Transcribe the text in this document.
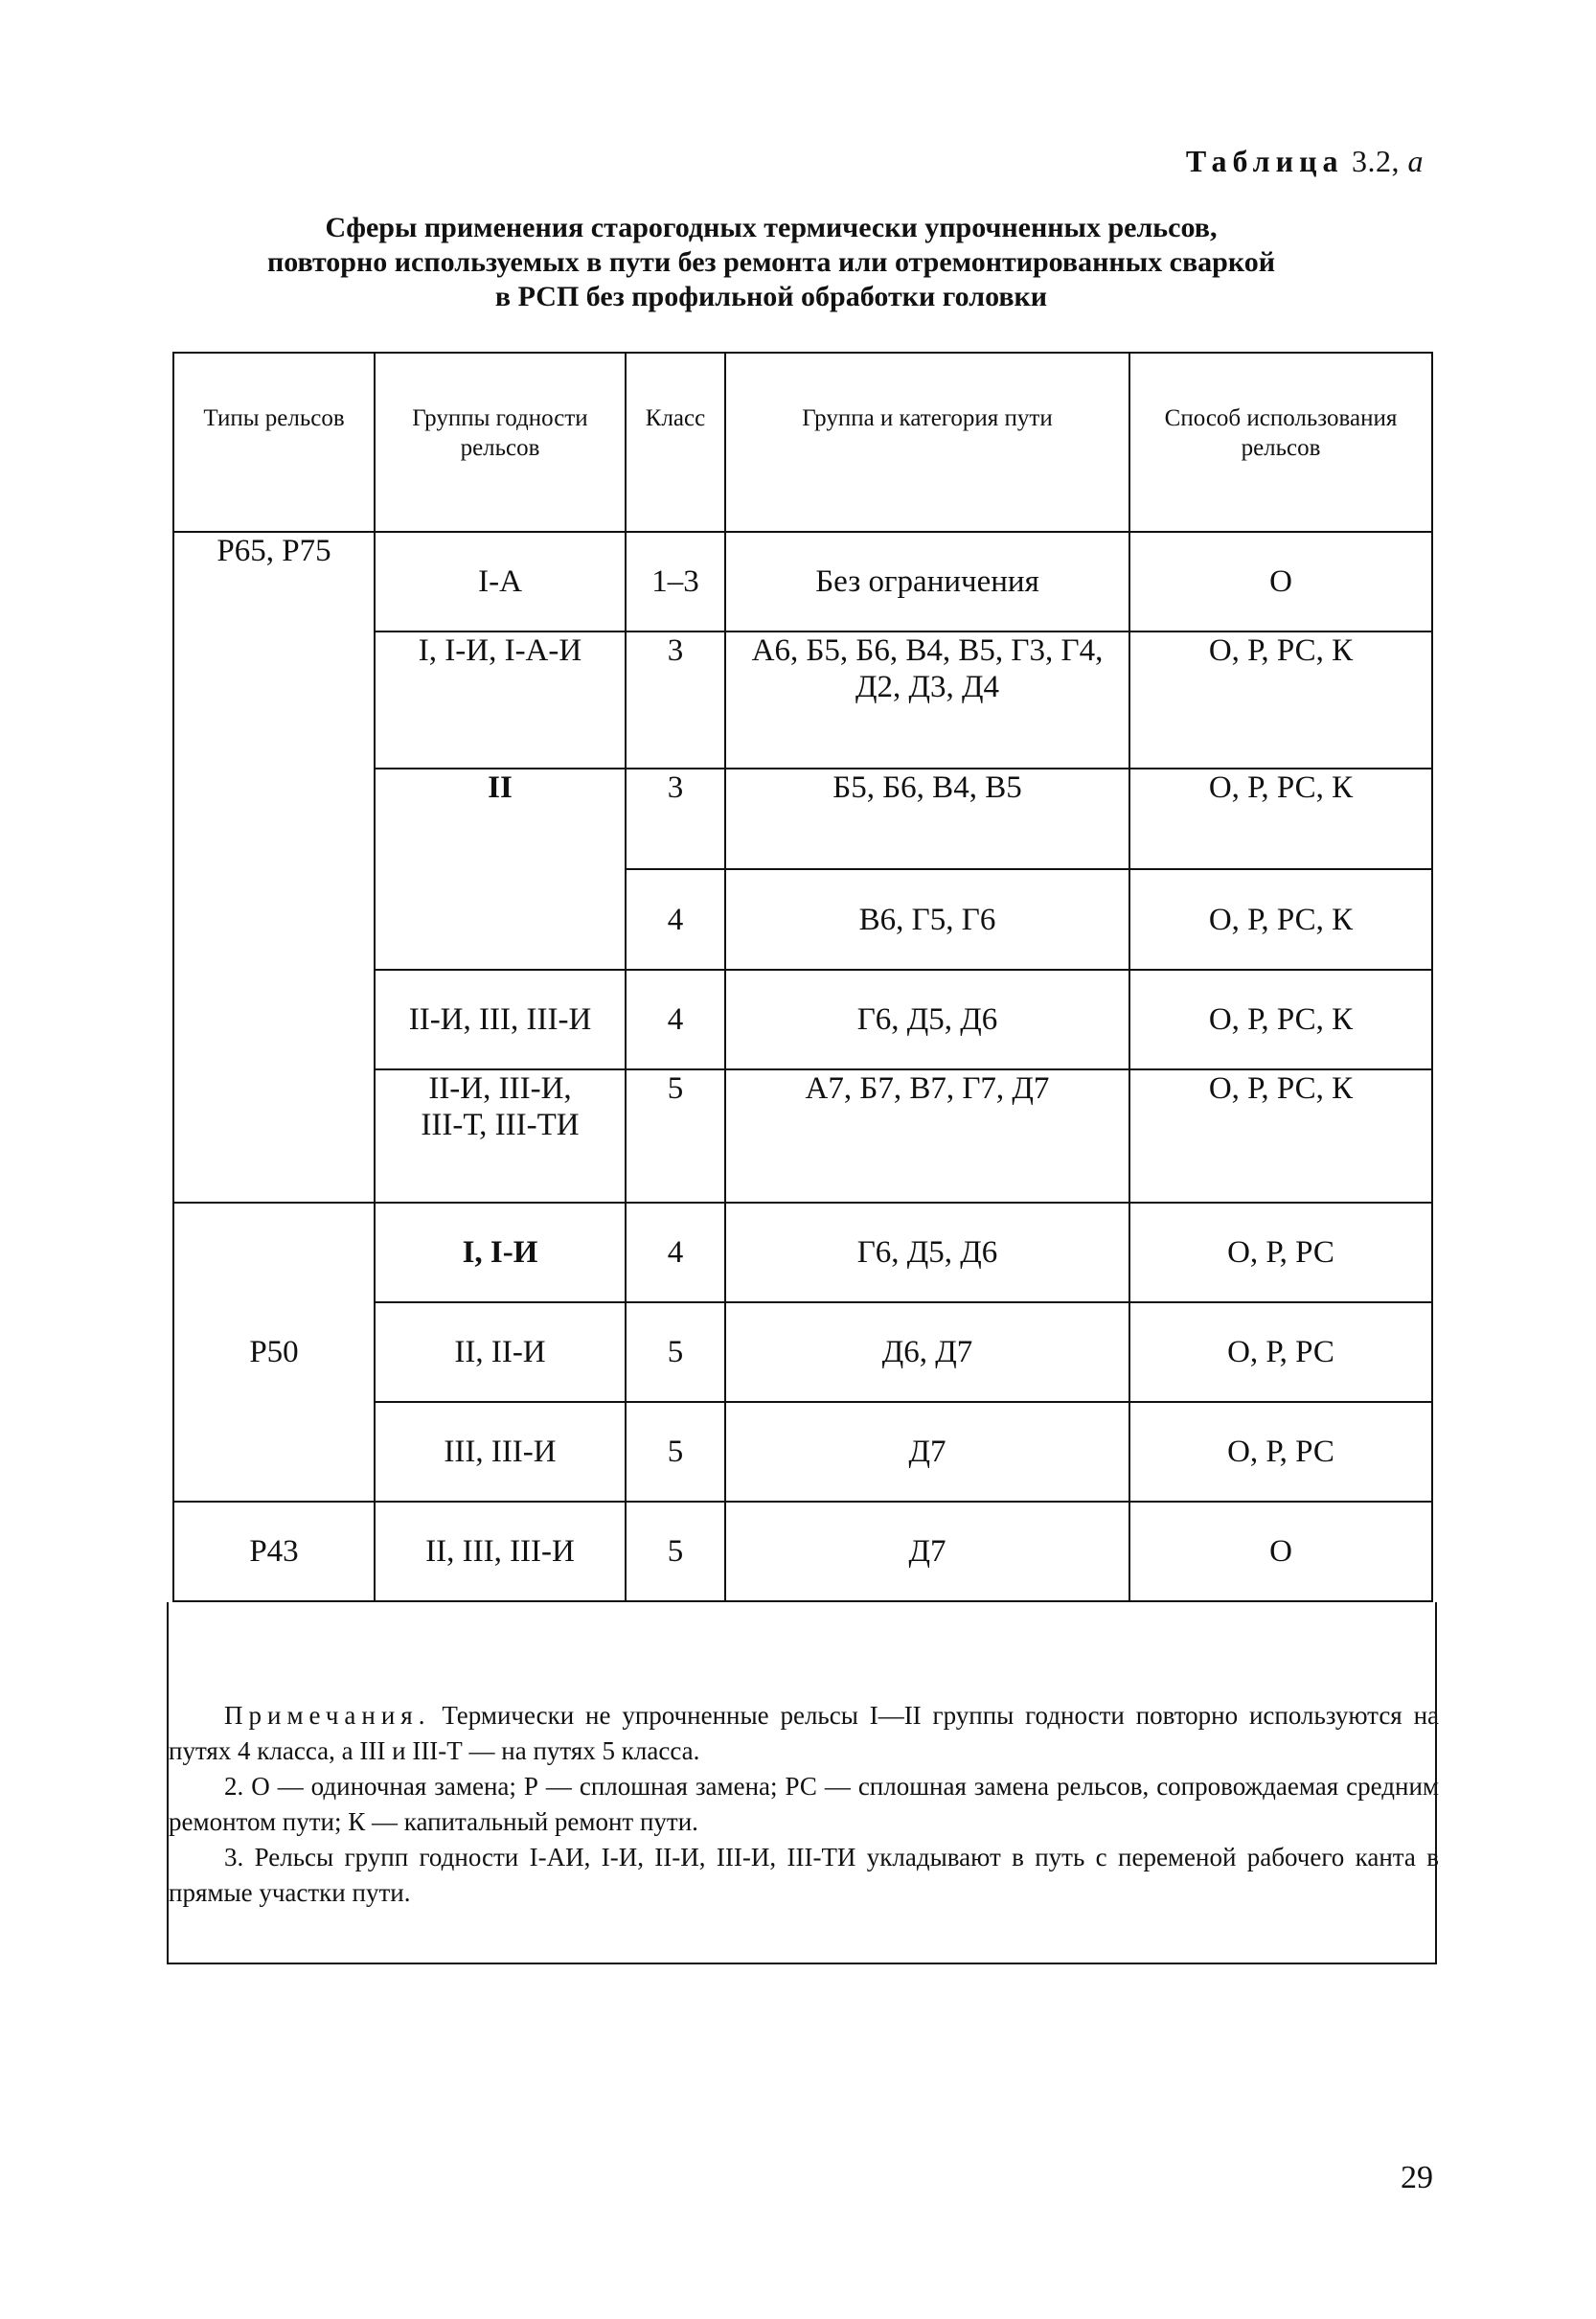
Таблица 3.2, а
Сферы применения старогодных термически упрочненных рельсов,
повторно используемых в пути без ремонта или отремонтированных сваркой
в РСП без профильной обработки головки
Типы рельсов	Группы годности рельсов	Класс	Группа и категория пути	Способ использования рельсов
Р65, Р75	I-А	1–3	Без ограничения	О
	I, I-И, I-А-И	3	А6, Б5, Б6, В4, В5, Г3, Г4, Д2, Д3, Д4	О, Р, РС, К
	II	3	Б5, Б6, В4, В5	О, Р, РС, К
		4	В6, Г5, Г6	О, Р, РС, К
	II-И, III, III-И	4	Г6, Д5, Д6	О, Р, РС, К
	II-И, III-И, III-Т, III-ТИ	5	А7, Б7, В7, Г7, Д7	О, Р, РС, К
Р50	I, I-И	4	Г6, Д5, Д6	О, Р, РС
	II, II-И	5	Д6, Д7	О, Р, РС
	III, III-И	5	Д7	О, Р, РС
Р43	II, III, III-И	5	Д7	О

Примечания. Термически не упрочненные рельсы I—II группы годности повторно используются на путях 4 класса, а III и III-Т — на путях 5 класса.

2. О — одиночная замена; Р — сплошная замена; РС — сплошная замена рельсов, сопровождаемая средним ремонтом пути; К — капитальный ремонт пути.

3. Рельсы групп годности I-АИ, I-И, II-И, III-И, III-ТИ укладывают в путь с переменой рабочего канта в прямые участки пути.

29
